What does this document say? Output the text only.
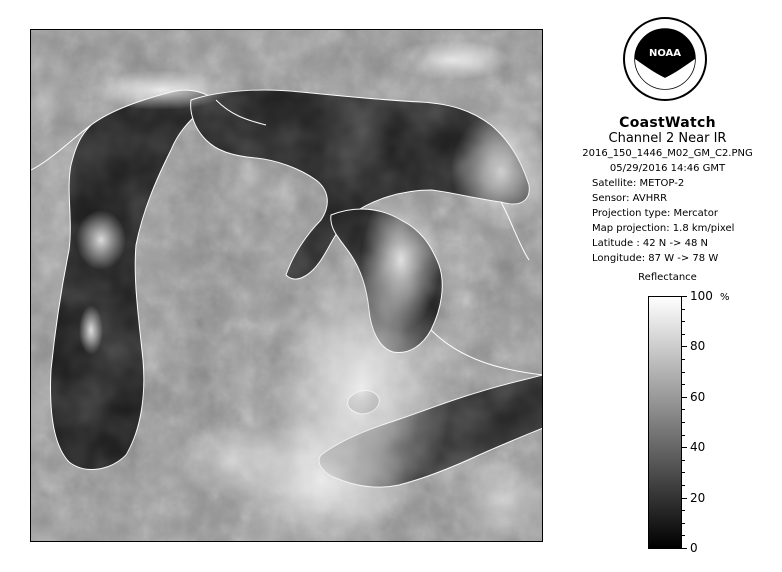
NOAA
CoastWatch
Channel 2 Near IR
2016_150_1446_M02_GM_C2.PNG
05/29/2016 14:46 GMT
Satellite: METOP-2
Sensor: AVHRR
Projection type: Mercator
Map projection: 1.8 km/pixel
Latitude : 42 N -> 48 N
Longitude: 87 W -> 78 W
Reflectance
%
100
80
60
40
20
0
